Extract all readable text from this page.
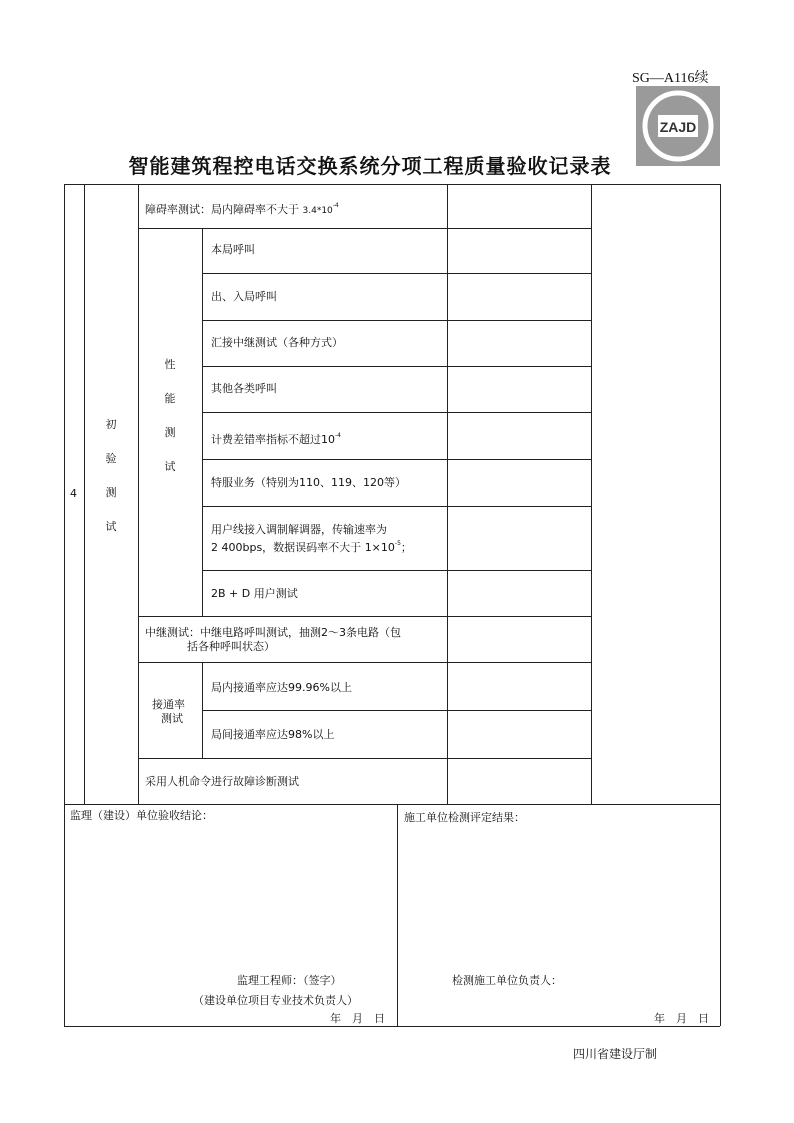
SG—A116续
ZAJD
智能建筑程控电话交换系统分项工程质量验收记录表
4
初
验
测
试
障碍率测试：局内障碍率不大于 $3.4*10^{-4}$
性
能
测
试
本局呼叫
出、入局呼叫
汇接中继测试（各种方式）
其他各类呼叫
计费差错率指标不超过$10^{-4}$
特服业务（特别为110、119、120等）
用户线接入调制解调器，传输速率为
2 400bps，数据误码率不大于 $1\times 10^{-5}$；
2B + D 用户测试
中继测试：中继电路呼叫测试，抽测2～3条电路（包
括各种呼叫状态）
接通率
测试
局内接通率应达99.96%以上
局间接通率应达98%以上
采用人机命令进行故障诊断测试
监理（建设）单位验收结论：	施工单位检测评定结果：
监理工程师：（签字）
（建设单位项目专业技术负责人）
年　月　日
检测施工单位负责人：
年　月　日
四川省建设厅制
